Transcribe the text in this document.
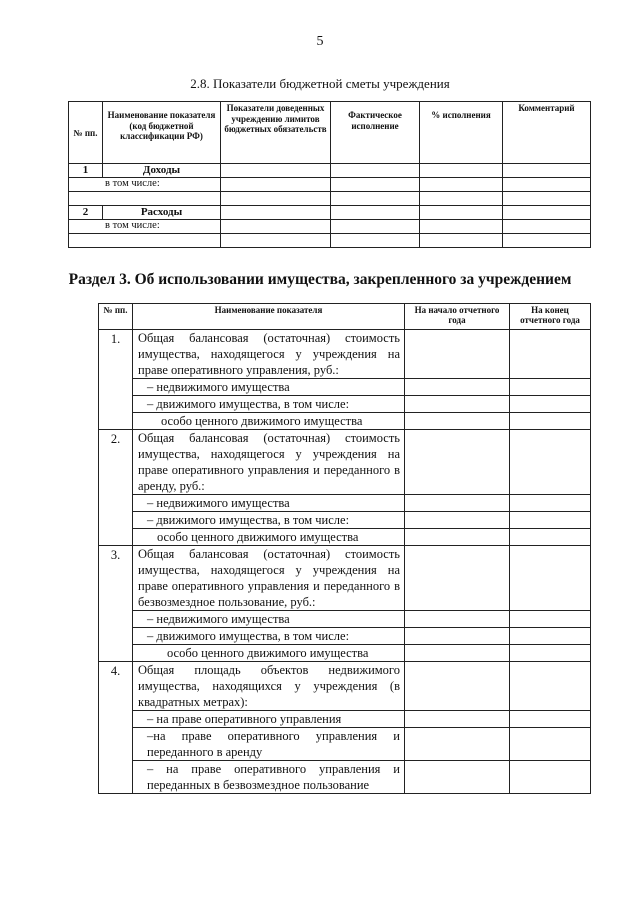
5
2.8. Показатели бюджетной сметы учреждения
№ пп.	Наименование показателя (код бюджетной классификации РФ)	Показатели доведенных учреждению лимитов бюджетных обязательств	Фактическое исполнение	% исполнения	Комментарий
1	Доходы				
в том числе:					

2	Расходы				
в том числе:					

Раздел 3. Об использовании имущества, закрепленного за учреждением
№ пп.	Наименование показателя	На начало отчетного года	На конец отчетного года
1.	Общая балансовая (остаточная) стоимость имущества, находящегося у учреждения на праве оперативного управления, руб.:		
	– недвижимого имущества		
	– движимого имущества, в том числе:		
	особо ценного движимого имущества		
2.	Общая балансовая (остаточная) стоимость имущества, находящегося у учреждения на праве оперативного управления и переданного в аренду, руб.:		
	– недвижимого имущества		
	– движимого имущества, в том числе:		
	особо ценного движимого имущества		
3.	Общая балансовая (остаточная) стоимость имущества, находящегося у учреждения на праве оперативного управления и переданного в безвозмездное пользование, руб.:		
	– недвижимого имущества		
	– движимого имущества, в том числе:		
	особо ценного движимого имущества		
4.	Общая площадь объектов недвижимого имущества, находящихся у учреждения (в квадратных метрах):		
	– на праве оперативного управления		
	–на праве оперативного управления и переданного в аренду		
	– на праве оперативного управления и переданных в безвозмездное пользование		
